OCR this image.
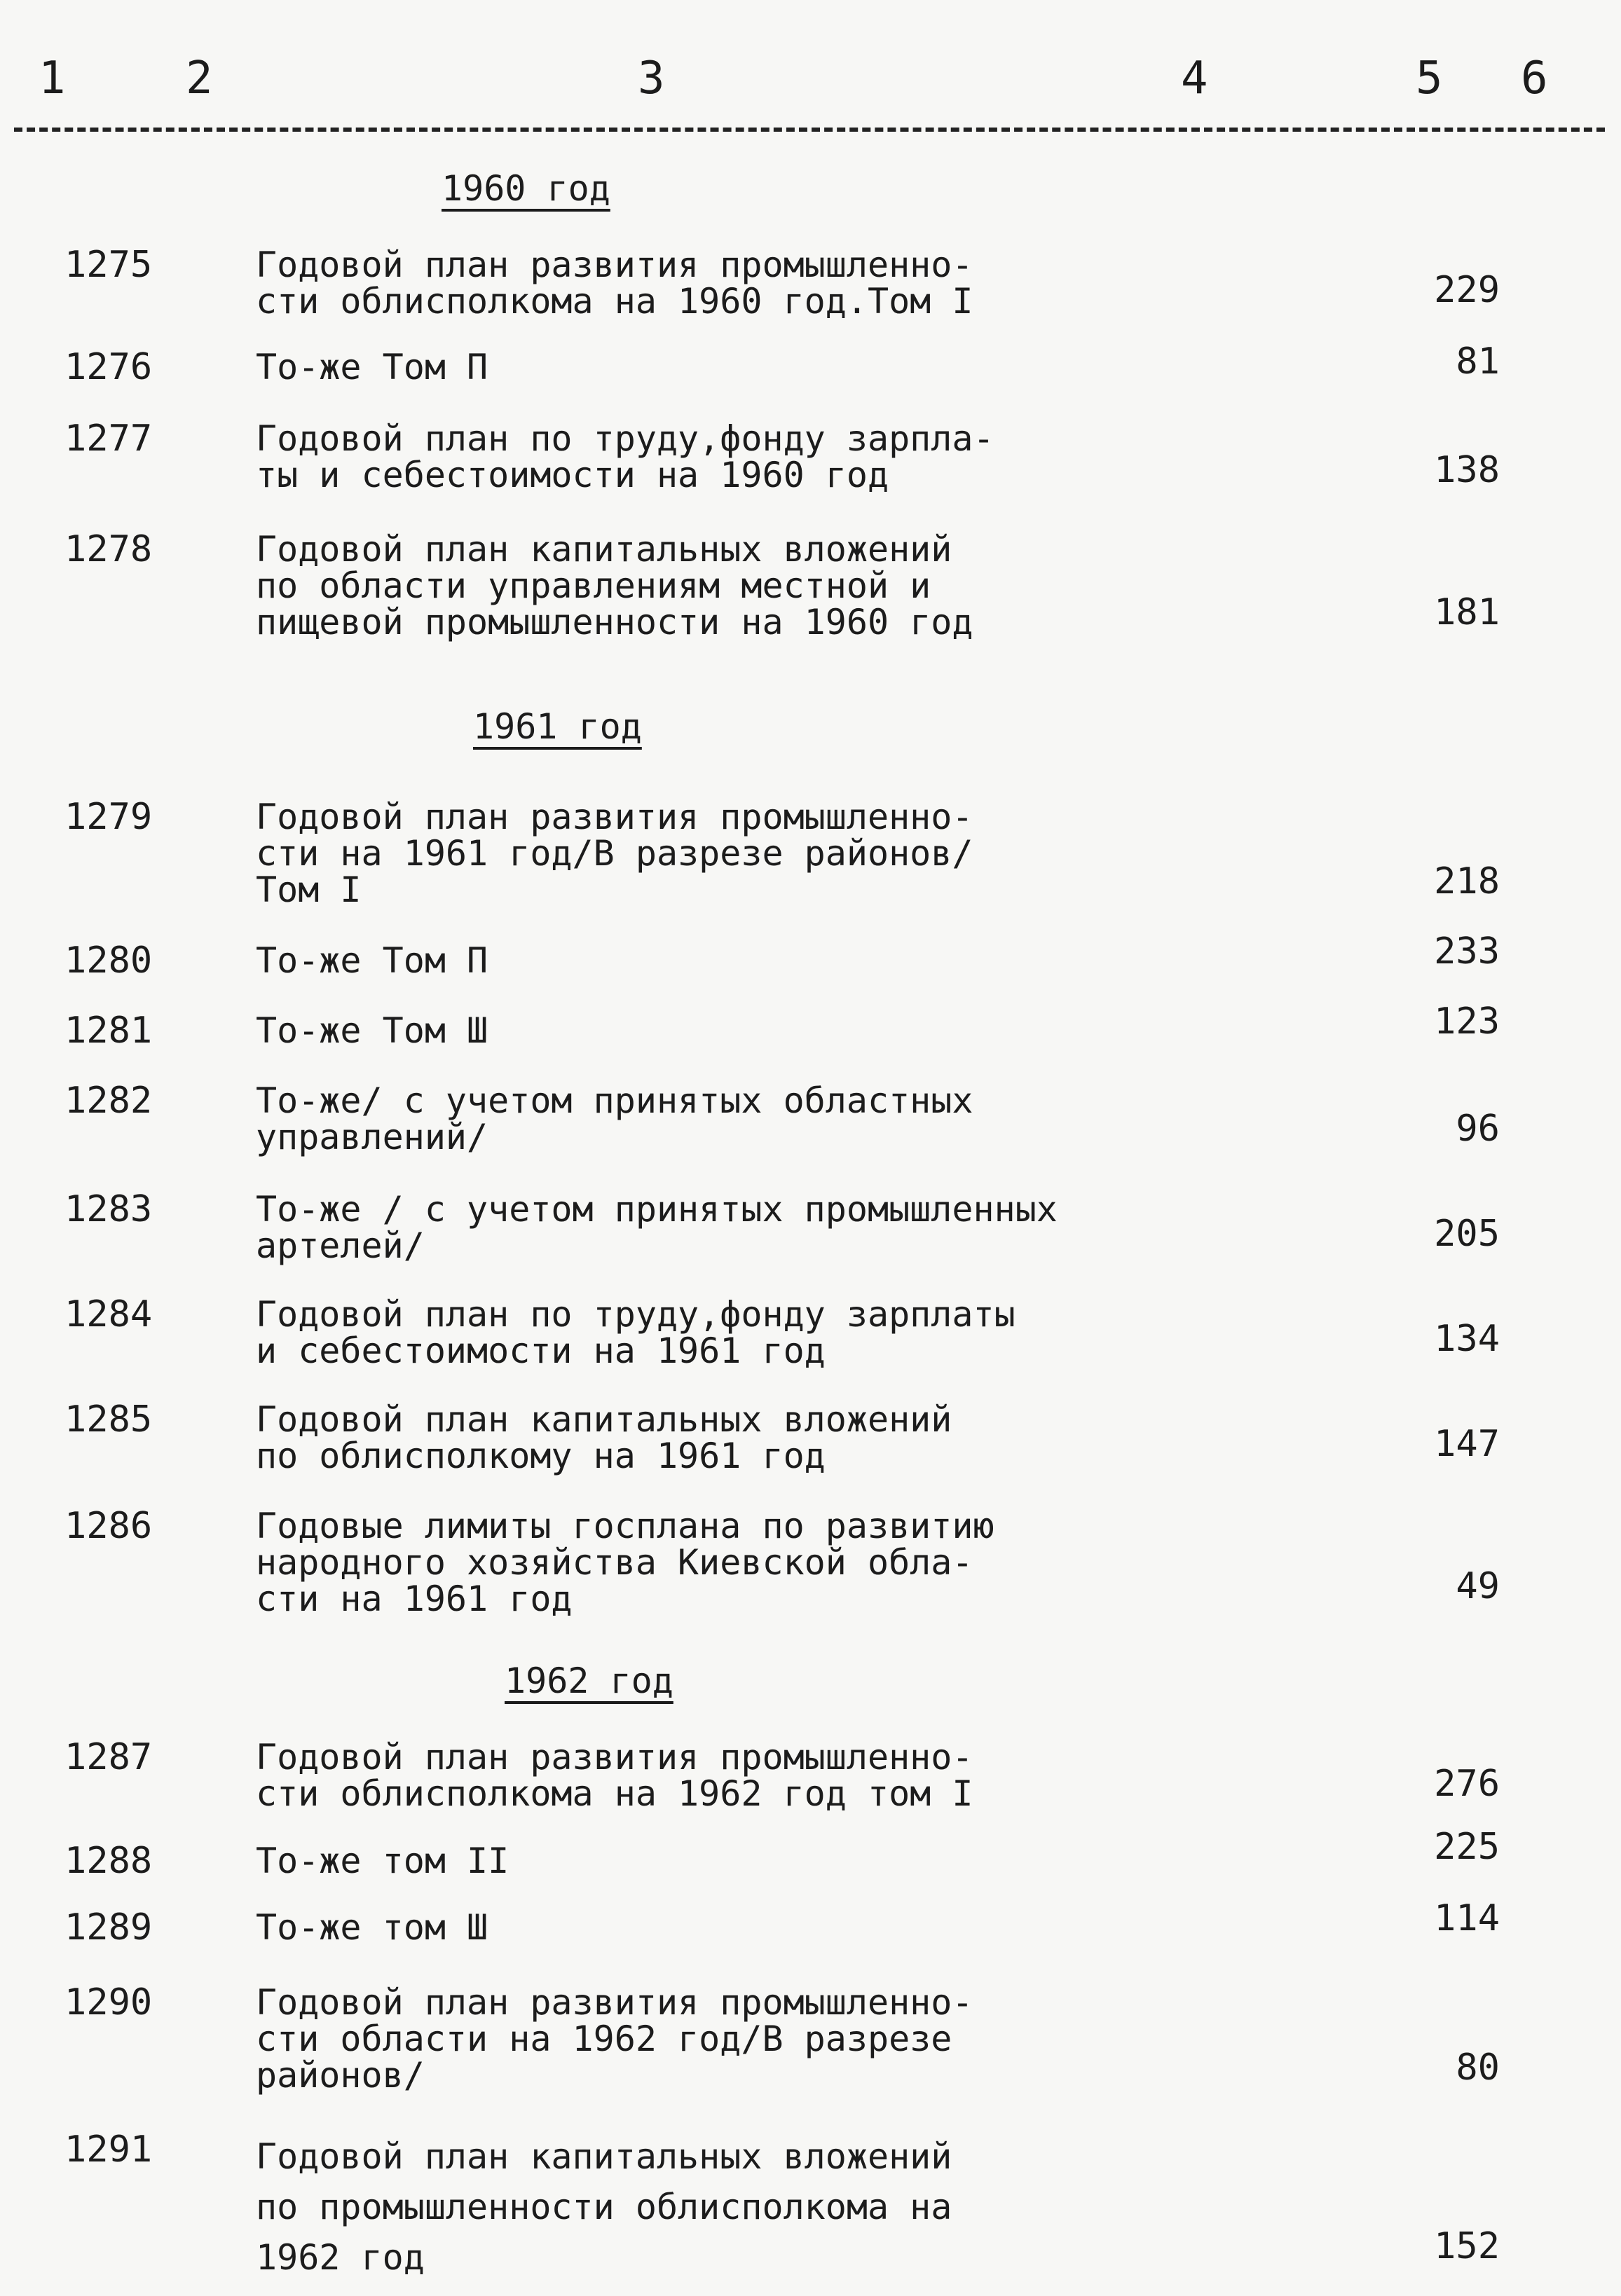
1	2	3	4	5 6
1960 год
1275	Годовой план развития промышленно-
сти облисполкома на 1960 год.Том I	229
1276	То-же Том П	81
1277	Годовой план по труду,фонду зарпла-
ты и себестоимости на 1960 год	138
1278	Годовой план капитальных вложений
по области управлениям местной и
пищевой промышленности на 1960 год	181
1961 год
1279	Годовой план развития промышленно-
сти на 1961 год/В разрезе районов/
Том I	218
1280	То-же Том П	233
1281	То-же Том Ш	123
1282	То-же/ с учетом принятых областных
управлений/	96
1283	То-же / с учетом принятых промышленных
артелей/	205
1284	Годовой план по труду,фонду зарплаты
и себестоимости на 1961 год	134
1285	Годовой план капитальных вложений
по облисполкому на 1961 год	147
1286	Годовые лимиты госплана по развитию
народного хозяйства Киевской обла-
сти на 1961 год	49
1962 год
1287	Годовой план развития промышленно-
сти облисполкома на 1962 год том I	276
1288	То-же том II	225
1289	То-же том Ш	114
1290	Годовой план развития промышленно-
сти области на 1962 год/В разрезе
районов/	80
1291	Годовой план капитальных вложений
по промышленности облисполкома на
1962 год	152
